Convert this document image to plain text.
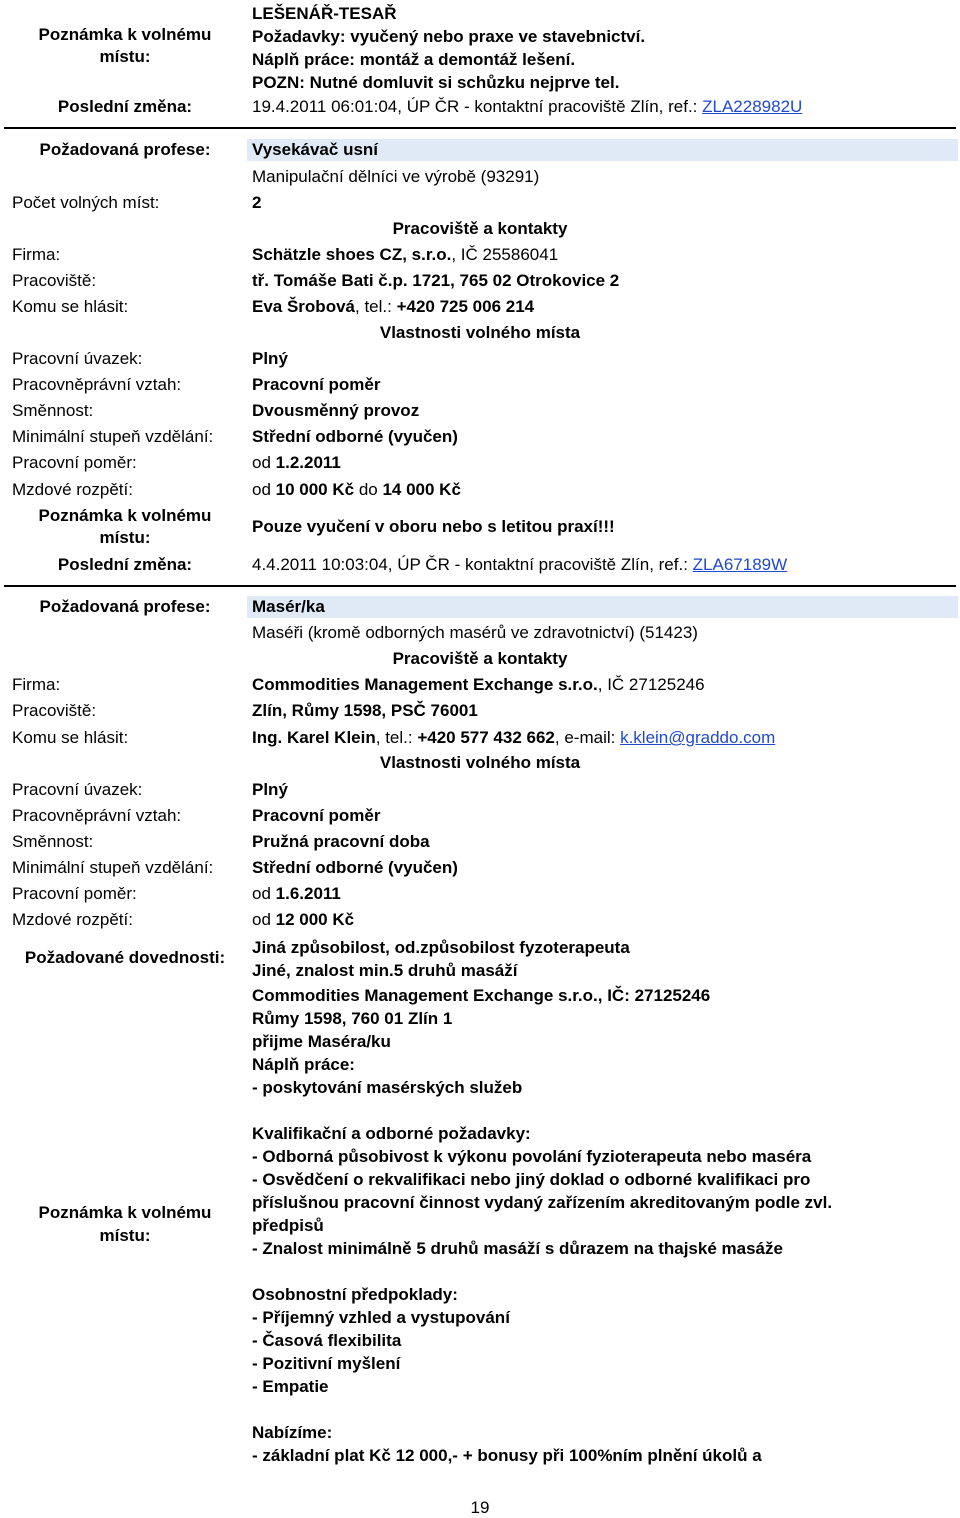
Poznámka k volnému
místu:
LEŠENÁŘ-TESAŘ
Požadavky: vyučený nebo praxe ve stavebnictví.
Náplň práce: montáž a demontáž lešení.
POZN: Nutné domluvit si schůzku nejprve tel.
Poslední změna:	19.4.2011 06:01:04, ÚP ČR - kontaktní pracoviště Zlín, ref.: ZLA228982U
Požadovaná profese:	Vysekávač usní
Manipulační dělníci ve výrobě (93291)
Počet volných míst:	2
Pracoviště a kontakty
Firma:	Schätzle shoes CZ, s.r.o., IČ 25586041
Pracoviště:	tř. Tomáše Bati č.p. 1721, 765 02 Otrokovice 2
Komu se hlásit:	Eva Šrobová, tel.: +420 725 006 214
Vlastnosti volného místa
Pracovní úvazek:	Plný
Pracovněprávní vztah:	Pracovní poměr
Směnnost:	Dvousměnný provoz
Minimální stupeň vzdělání: Střední odborné (vyučen)
Pracovní poměr:	od 1.2.2011
Mzdové rozpětí:	od 10 000 Kč do 14 000 Kč
Poznámka k volnému
místu:
Pouze vyučení v oboru nebo s letitou praxí!!!
Poslední změna:	4.4.2011 10:03:04, ÚP ČR - kontaktní pracoviště Zlín, ref.: ZLA67189W
Požadovaná profese:	Masér/ka
Maséři (kromě odborných masérů ve zdravotnictví) (51423)
Pracoviště a kontakty
Firma:	Commodities Management Exchange s.r.o., IČ 27125246
Pracoviště:	Zlín, Růmy 1598, PSČ 76001
Komu se hlásit:	Ing. Karel Klein, tel.: +420 577 432 662, e-mail: k.klein@graddo.com
Vlastnosti volného místa
Pracovní úvazek:	Plný
Pracovněprávní vztah:	Pracovní poměr
Směnnost:	Pružná pracovní doba
Minimální stupeň vzdělání: Střední odborné (vyučen)
Pracovní poměr:	od 1.6.2011
Mzdové rozpětí:	od 12 000 Kč
Požadované dovednosti:
Jiná způsobilost, od.způsobilost fyzoterapeuta
Jiné, znalost min.5 druhů masáží
Poznámka k volnému
místu:
Commodities Management Exchange s.r.o., IČ: 27125246
Růmy 1598, 760 01 Zlín 1
přijme Maséra/ku
Náplň práce:
- poskytování masérských služeb
Kvalifikační a odborné požadavky:
- Odborná působivost k výkonu povolání fyzioterapeuta nebo maséra
- Osvědčení o rekvalifikaci nebo jiný doklad o odborné kvalifikaci pro
příslušnou pracovní činnost vydaný zařízením akreditovaným podle zvl.
předpisů
- Znalost minimálně 5 druhů masáží s důrazem na thajské masáže
Osobnostní předpoklady:
- Příjemný vzhled a vystupování
- Časová flexibilita
- Pozitivní myšlení
- Empatie
Nabízíme:
- základní plat Kč 12 000,- + bonusy při 100%ním plnění úkolů a
19
